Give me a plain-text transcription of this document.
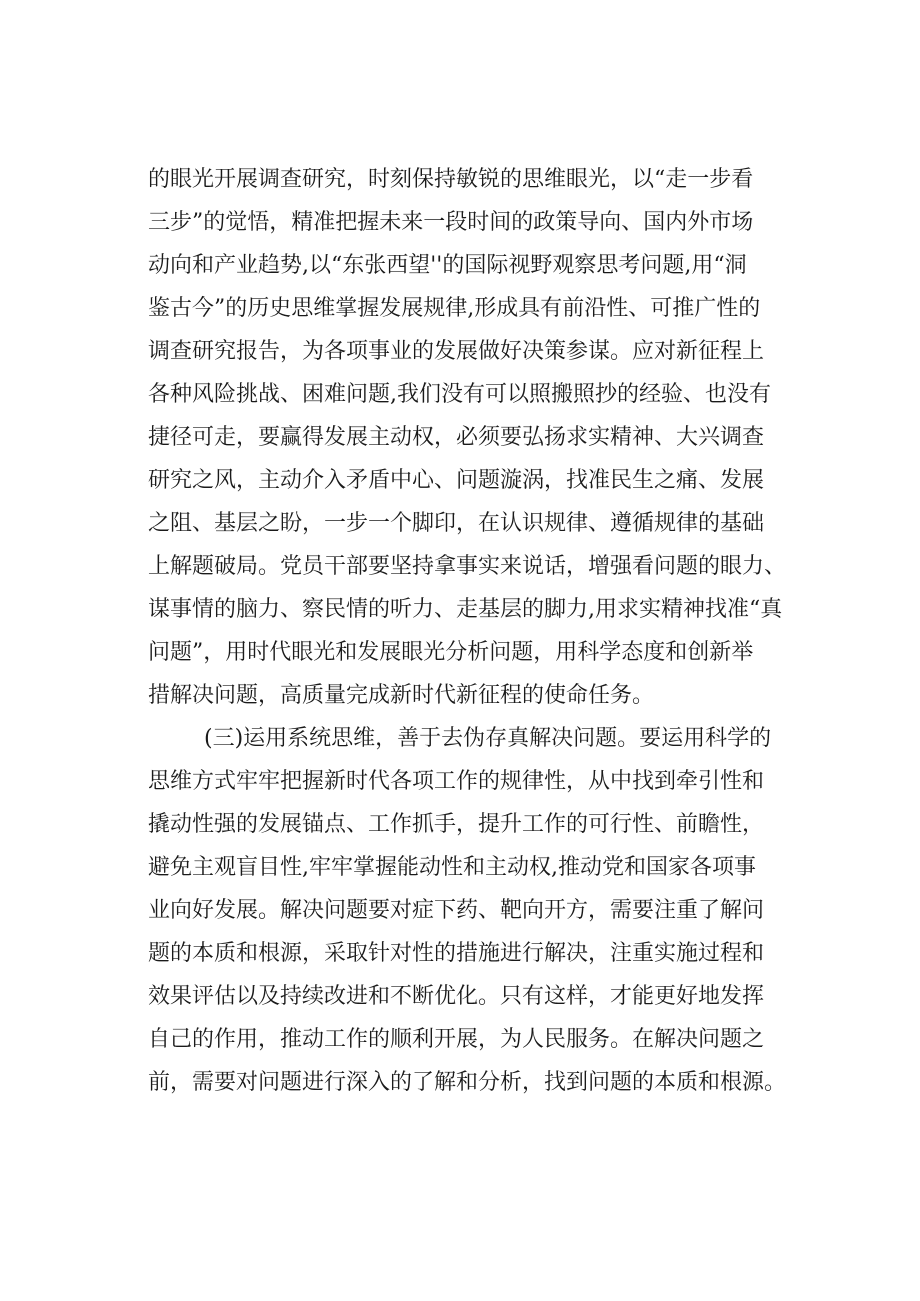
的眼光开展调查研究，时刻保持敏锐的思维眼光，以“走一步看
三步”的觉悟，精准把握未来一段时间的政策导向、国内外市场
动向和产业趋势,以“东张西望''的国际视野观察思考问题,用“洞
鉴古今”的历史思维掌握发展规律,形成具有前沿性、可推广性的
调查研究报告，为各项事业的发展做好决策参谋。应对新征程上
各种风险挑战、困难问题,我们没有可以照搬照抄的经验、也没有
捷径可走，要赢得发展主动权，必须要弘扬求实精神、大兴调查
研究之风，主动介入矛盾中心、问题漩涡，找准民生之痛、发展
之阻、基层之盼，一步一个脚印，在认识规律、遵循规律的基础
上解题破局。党员干部要坚持拿事实来说话，增强看问题的眼力、
谋事情的脑力、察民情的听力、走基层的脚力,用求实精神找准“真
问题”，用时代眼光和发展眼光分析问题，用科学态度和创新举
措解决问题，高质量完成新时代新征程的使命任务。
(三)运用系统思维，善于去伪存真解决问题。要运用科学的
思维方式牢牢把握新时代各项工作的规律性，从中找到牵引性和
撬动性强的发展锚点、工作抓手，提升工作的可行性、前瞻性，
避免主观盲目性,牢牢掌握能动性和主动权,推动党和国家各项事
业向好发展。解决问题要对症下药、靶向开方，需要注重了解问
题的本质和根源，采取针对性的措施进行解决，注重实施过程和
效果评估以及持续改进和不断优化。只有这样，才能更好地发挥
自己的作用，推动工作的顺利开展，为人民服务。在解决问题之
前，需要对问题进行深入的了解和分析，找到问题的本质和根源。
